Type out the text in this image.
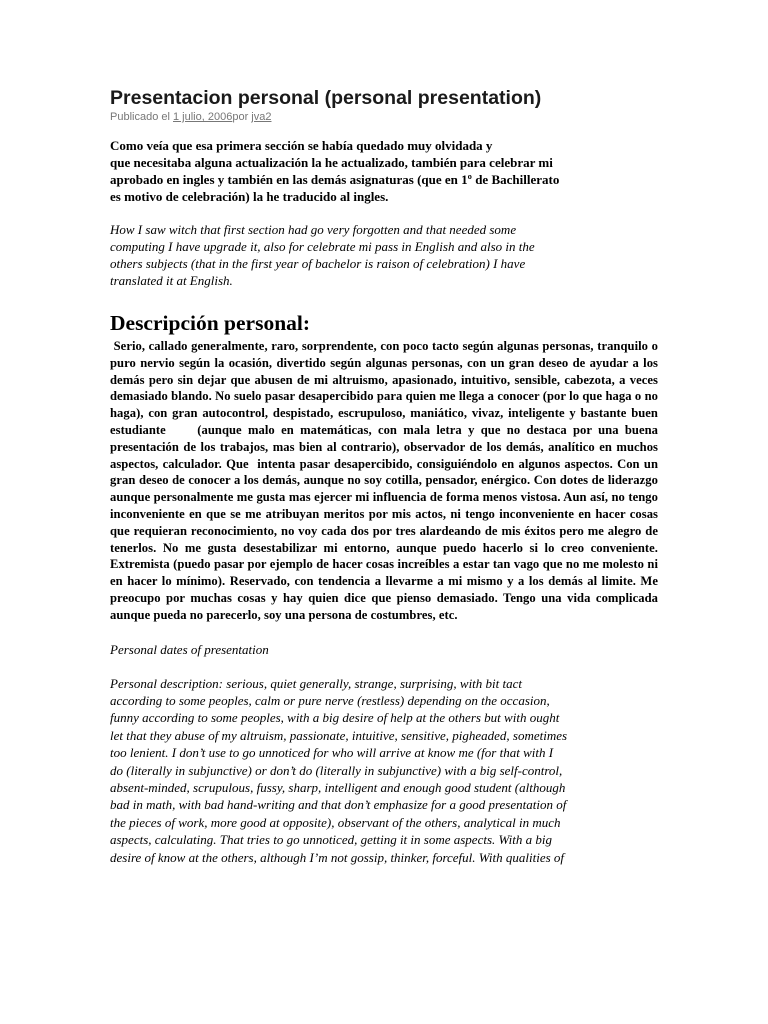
Presentacion personal (personal presentation)
Publicado el 1 julio, 2006por jva2
Como veía que esa primera sección se había quedado muy olvidada y
que necesitaba alguna actualización la he actualizado, también para celebrar mi
aprobado en ingles y también en las demás asignaturas (que en 1º de Bachillerato
es motivo de celebración) la he traducido al ingles.
How I saw witch that first section had go very forgotten and that needed some
computing I have upgrade it, also for celebrate mi pass in English and also in the
others subjects (that in the first year of bachelor is raison of celebration) I have
translated it at English.
Descripción personal:

Serio, callado generalmente, raro, sorprendente, con poco tacto según algunas personas, tranquilo o puro nervio según la ocasión, divertido según algunas personas, con un gran deseo de ayudar a los demás pero sin dejar que abusen de mi altruismo, apasionado, intuitivo, sensible, cabezota, a veces demasiado blando. No suelo pasar desapercibido para quien me llega a conocer (por lo que haga o no haga), con gran autocontrol, despistado, escrupuloso, maniático, vivaz, inteligente y bastante buen estudiante     (aunque malo en matemáticas, con mala letra y que no destaca por una buena presentación de los trabajos, mas bien al contrario), observador de los demás, analítico en muchos aspectos, calculador. Que  intenta pasar desapercibido, consiguiéndolo en algunos aspectos. Con un gran deseo de conocer a los demás, aunque no soy cotilla, pensador, enérgico. Con dotes de liderazgo aunque personalmente me gusta mas ejercer mi influencia de forma menos vistosa. Aun así, no tengo inconveniente en que se me atribuyan meritos por mis actos, ni tengo inconveniente en hacer cosas que requieran reconocimiento, no voy cada dos por tres alardeando de mis éxitos pero me alegro de tenerlos. No me gusta desestabilizar mi entorno, aunque puedo hacerlo si lo creo conveniente. Extremista (puedo pasar por ejemplo de hacer cosas increíbles a estar tan vago que no me molesto ni en hacer lo mínimo). Reservado, con tendencia a llevarme a mi mismo y a los demás al limite. Me preocupo por muchas cosas y hay quien dice que pienso demasiado. Tengo una vida complicada aunque pueda no parecerlo, soy una persona de costumbres, etc.

Personal dates of presentation
Personal description: serious, quiet generally, strange, surprising, with bit tact
according to some peoples, calm or pure nerve (restless) depending on the occasion,
funny according to some peoples, with a big desire of help at the others but with ought
let that they abuse of my altruism, passionate, intuitive, sensitive, pigheaded, sometimes
too lenient. I don’t use to go unnoticed for who will arrive at know me (for that with I
do (literally in subjunctive) or don’t do (literally in subjunctive) with a big self-control,
absent-minded, scrupulous, fussy, sharp, intelligent and enough good student (although
bad in math, with bad hand-writing and that don’t emphasize for a good presentation of
the pieces of work, more good at opposite), observant of the others, analytical in much
aspects, calculating. That tries to go unnoticed, getting it in some aspects. With a big
desire of know at the others, although I’m not gossip, thinker, forceful. With qualities of
